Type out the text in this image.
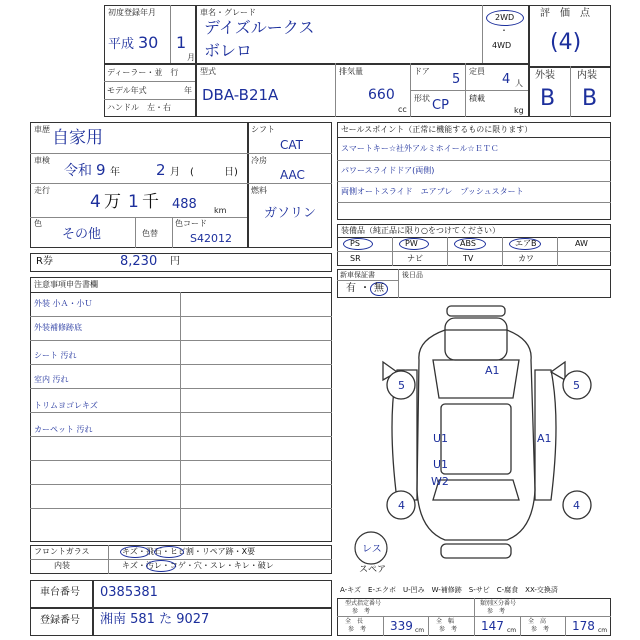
初度登録年月
平成 30 1
月
車名・グレード
デイズルークス
ボレロ
2WD
・
4WD
評　価　点
(4)
ディーラー・並　行
モデル年式	年
ハンドル　左・右
型式
DBA-B21A
排気量
660
cc
ドア
5
形状 CP
定員
4 人
積載
kg
外装
B
内装
B
車歴 自家用
車検
令和 9 年 2 月 (	日)
走行
4 万 1 千 488 km
色
その他	色替
色コード
S42012
シフト
CAT
冷房
AAC
燃料
ガソリン
R券	8,230 円
セールスポイント（正常に機能するものに限ります）
スマートキー☆社外アルミホイール☆ＥＴＣ
パワースライドドア(両側)
両側オートスライド　エアブレ　プッシュスタート
装備品（純正品に限り○をつけてください）
PS	PW	ABS	エアB	AW
SR	ナビ	TV	カワ
新車保証書	後日品
有 ・ 無
注意事項申告書欄
外装 小Ａ・小Ｕ
外装補修跡底
シート 汚れ
室内 汚れ
トリムヨゴレキズ
カーペット 汚れ
フロントガラス	キズ・飛石・ヒビ割・リペア跡・X要
内装	キズ・汚レ・コゲ・穴・スレ・キレ・破レ
車台番号 0385381
登録番号 湘南 581 た 9027
A1
5	5
U1	A1
U1
W2
4	4
レス
スペア
A-キズ　E-エクボ　U-凹み　W-補修跡　S-サビ　C-腐食　XX-交換済
型式指定番号
参　考
類別区分番号
参　考
全　長
参　考 339 cm
全　幅
参　考 147 cm
全　高
参　考 178 cm
